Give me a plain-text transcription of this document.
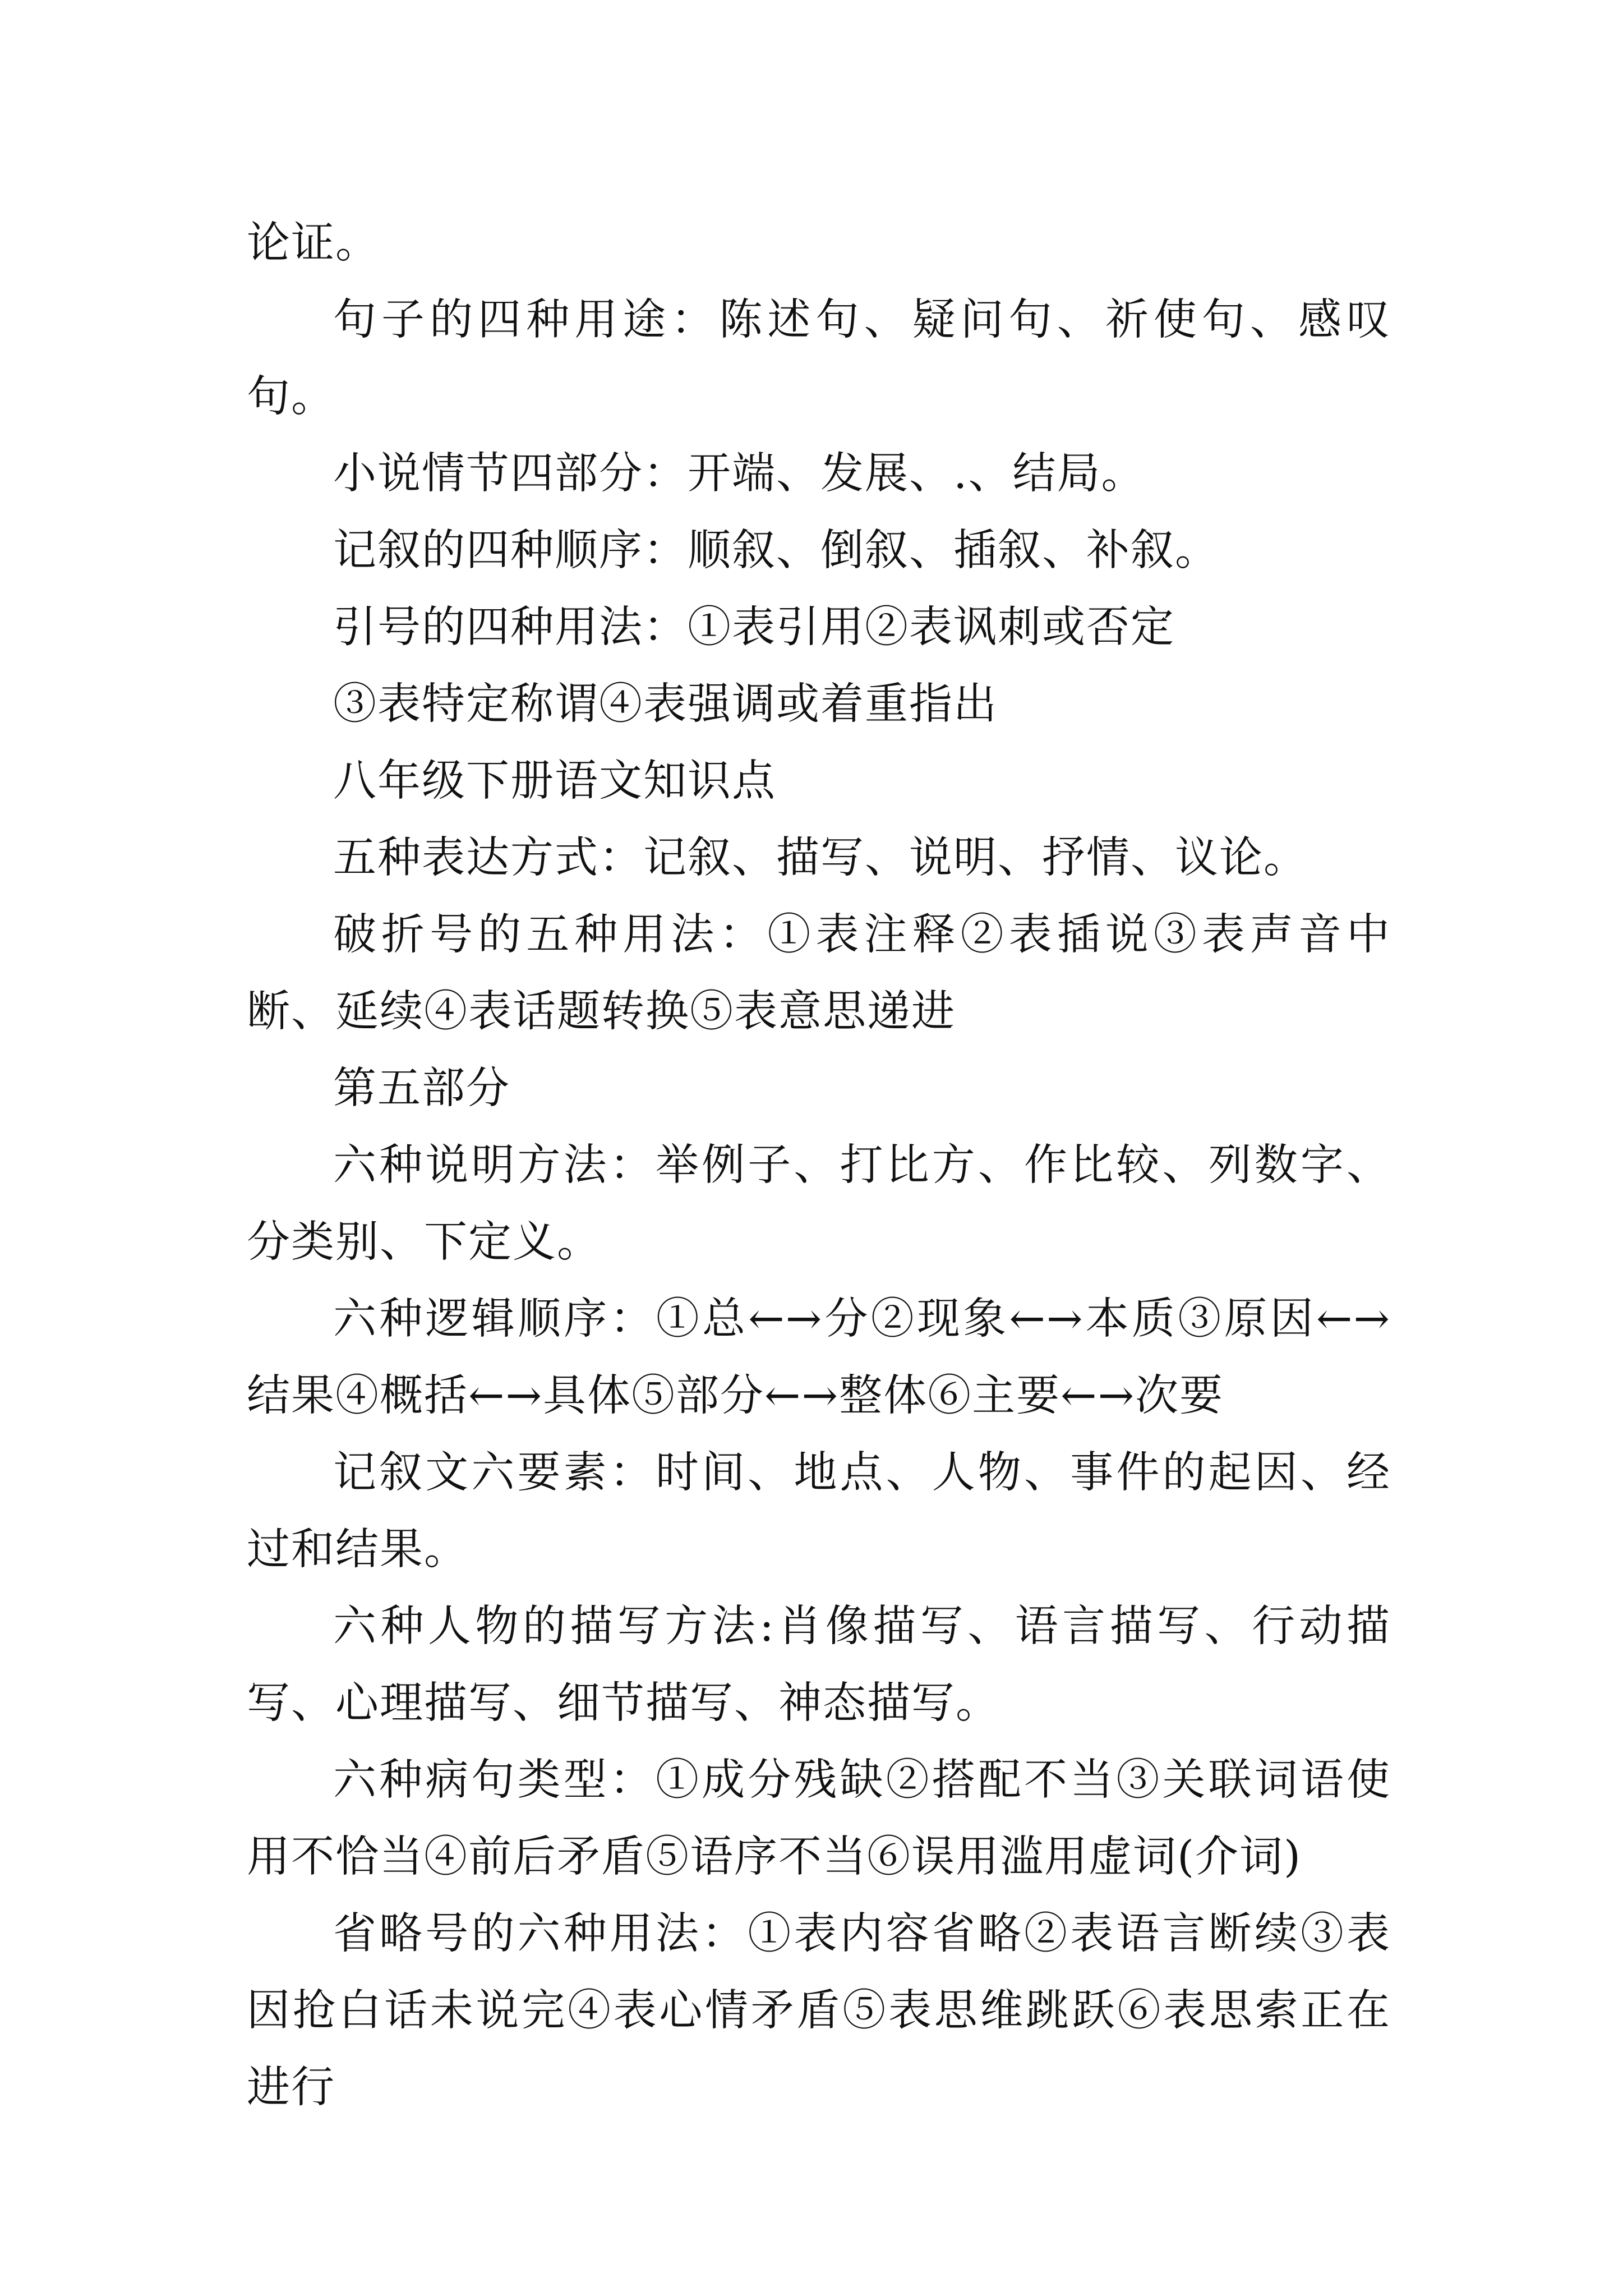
论证。

句子的四种用途：陈述句、疑问句、祈使句、感叹句。

小说情节四部分：开端、发展、.、结局。

记叙的四种顺序：顺叙、倒叙、插叙、补叙。

引号的四种用法：①表引用②表讽刺或否定

③表特定称谓④表强调或着重指出

八年级下册语文知识点

五种表达方式：记叙、描写、说明、抒情、议论。

破折号的五种用法：①表注释②表插说③表声音中断、延续④表话题转换⑤表意思递进

第五部分

六种说明方法：举例子、打比方、作比较、列数字、分类别、下定义。

六种逻辑顺序：①总←→分②现象←→本质③原因←→结果④概括←→具体⑤部分←→整体⑥主要←→次要

记叙文六要素：时间、地点、人物、事件的起因、经过和结果。

六种人物的描写方法:肖像描写、语言描写、行动描写、心理描写、细节描写、神态描写。

六种病句类型：①成分残缺②搭配不当③关联词语使用不恰当④前后矛盾⑤语序不当⑥误用滥用虚词(介词)

省略号的六种用法：①表内容省略②表语言断续③表因抢白话未说完④表心情矛盾⑤表思维跳跃⑥表思索正在进行
